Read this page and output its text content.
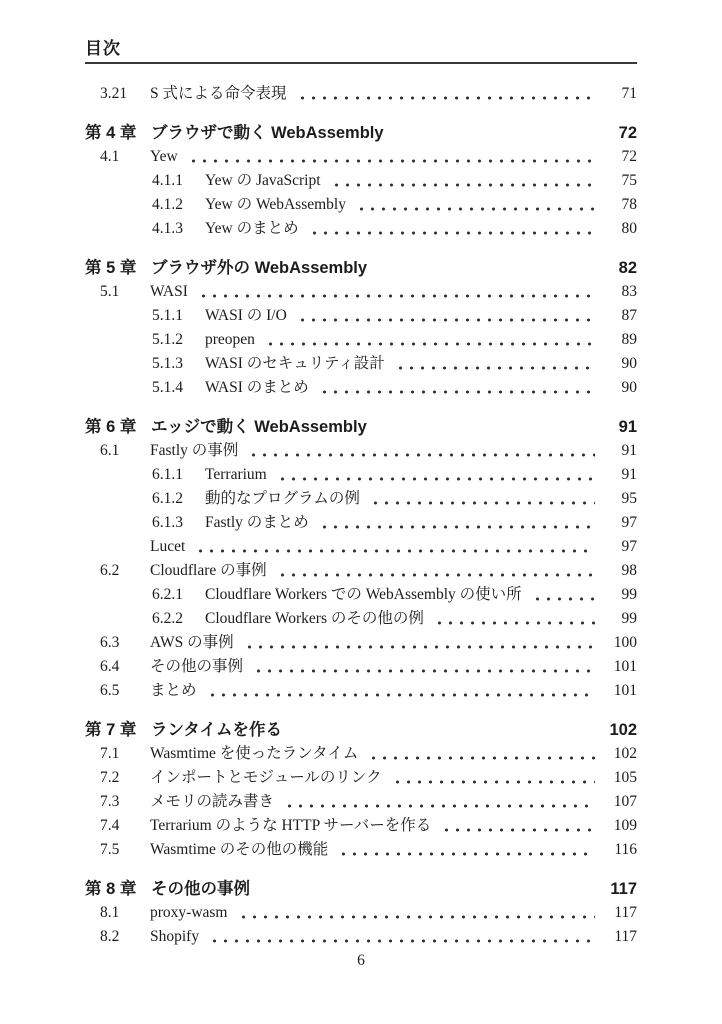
目次
3.21	S 式による命令表現	71
第 4 章 ブラウザで動く WebAssembly	72
4.1	Yew	72
4.1.1	Yew の JavaScript	75
4.1.2	Yew の WebAssembly	78
4.1.3	Yew のまとめ	80
第 5 章 ブラウザ外の WebAssembly	82
5.1	WASI	83
5.1.1	WASI の I/O	87
5.1.2	preopen	89
5.1.3	WASI のセキュリティ設計	90
5.1.4	WASI のまとめ	90
第 6 章 エッジで動く WebAssembly	91
6.1	Fastly の事例	91
6.1.1	Terrarium	91
6.1.2	動的なプログラムの例	95
6.1.3	Fastly のまとめ	97
Lucet	97
6.2	Cloudflare の事例	98
6.2.1	Cloudflare Workers での WebAssembly の使い所	99
6.2.2	Cloudflare Workers のその他の例	99
6.3	AWS の事例	100
6.4	その他の事例	101
6.5	まとめ	101
第 7 章 ランタイムを作る	102
7.1	Wasmtime を使ったランタイム	102
7.2	インポートとモジュールのリンク	105
7.3	メモリの読み書き	107
7.4	Terrarium のような HTTP サーバーを作る	109
7.5	Wasmtime のその他の機能	116
第 8 章 その他の事例	117
8.1	proxy-wasm	117
8.2	Shopify	117
6
